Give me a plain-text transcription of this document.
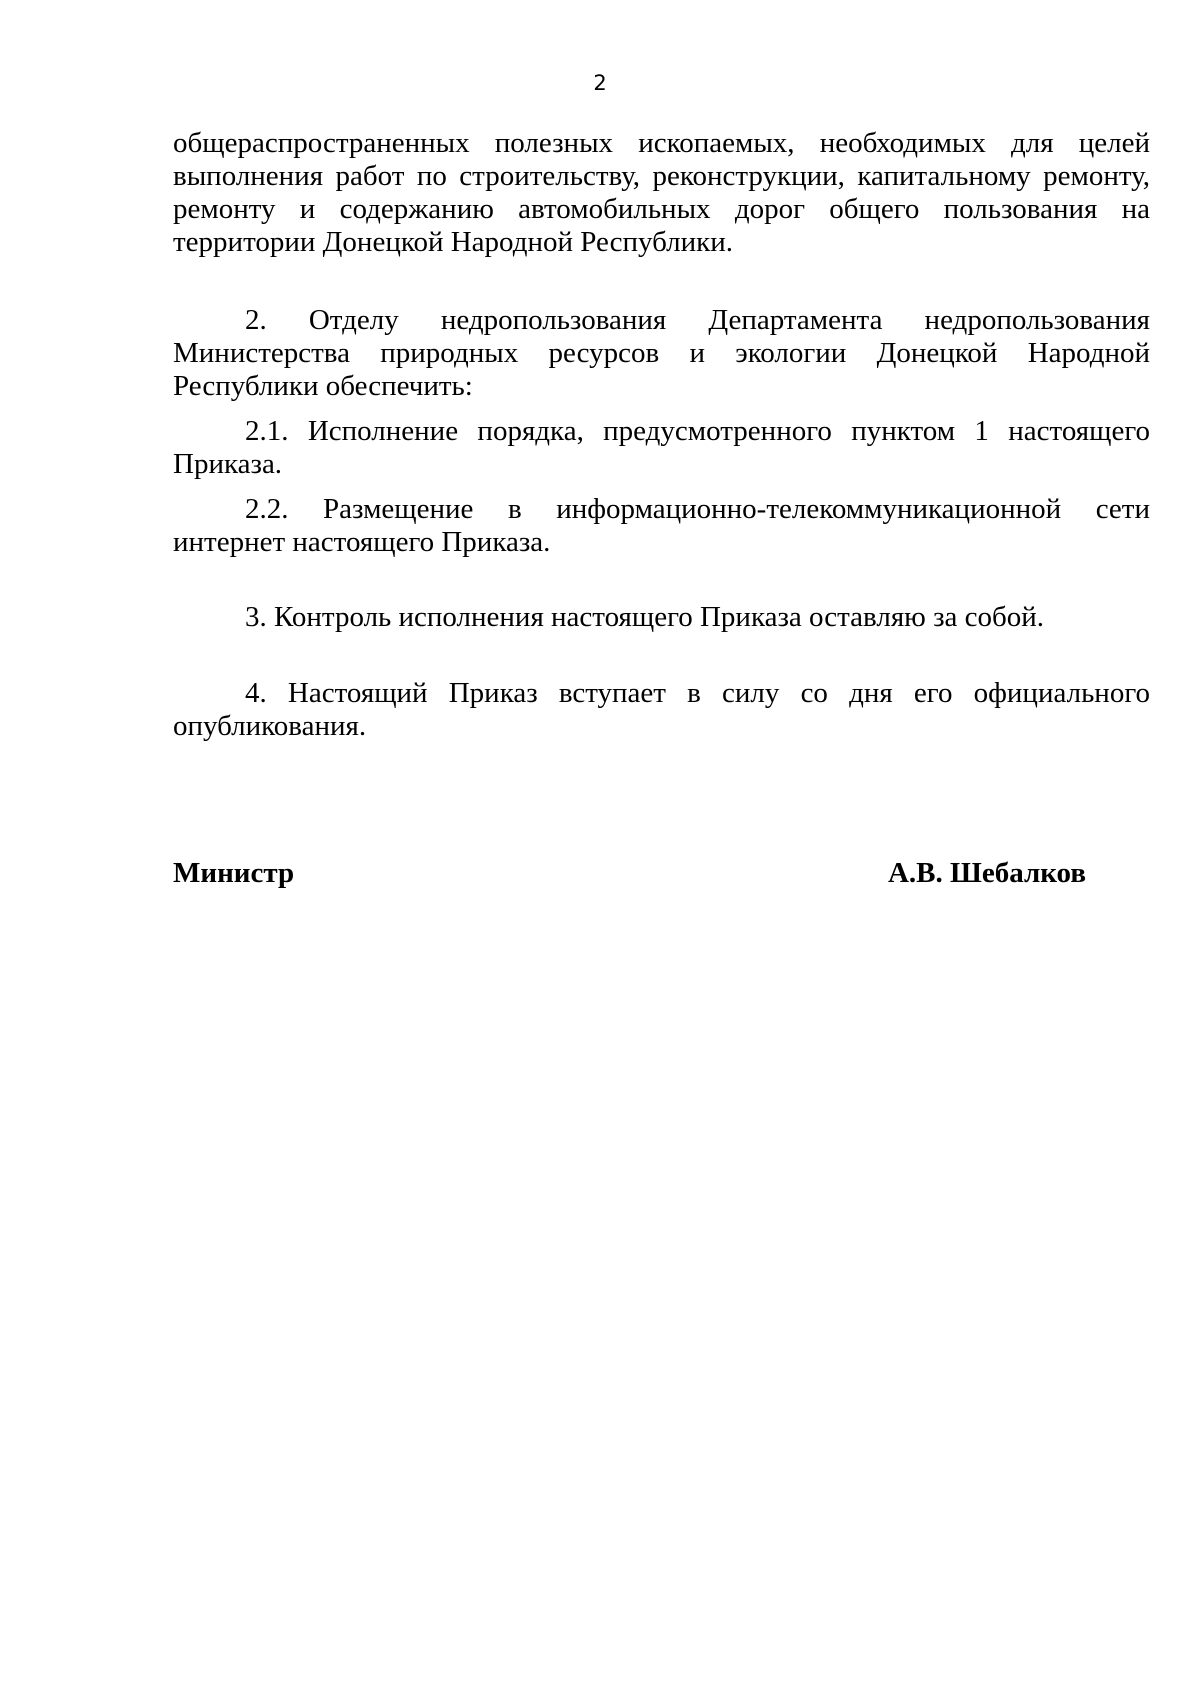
2

общераспространенных полезных ископаемых, необходимых для целей выполнения работ по строительству, реконструкции, капитальному ремонту, ремонту и содержанию автомобильных дорог общего пользования на территории Донецкой Народной Республики.

2. Отделу недропользования Департамента недропользования Министерства природных ресурсов и экологии Донецкой Народной Республики обеспечить:

2.1. Исполнение порядка, предусмотренного пунктом 1 настоящего Приказа.

2.2. Размещение в информационно-телекоммуникационной сети интернет настоящего Приказа.

3. Контроль исполнения настоящего Приказа оставляю за собой.

4. Настоящий Приказ вступает в силу со дня его официального опубликования.

Министр	А.В. Шебалков
